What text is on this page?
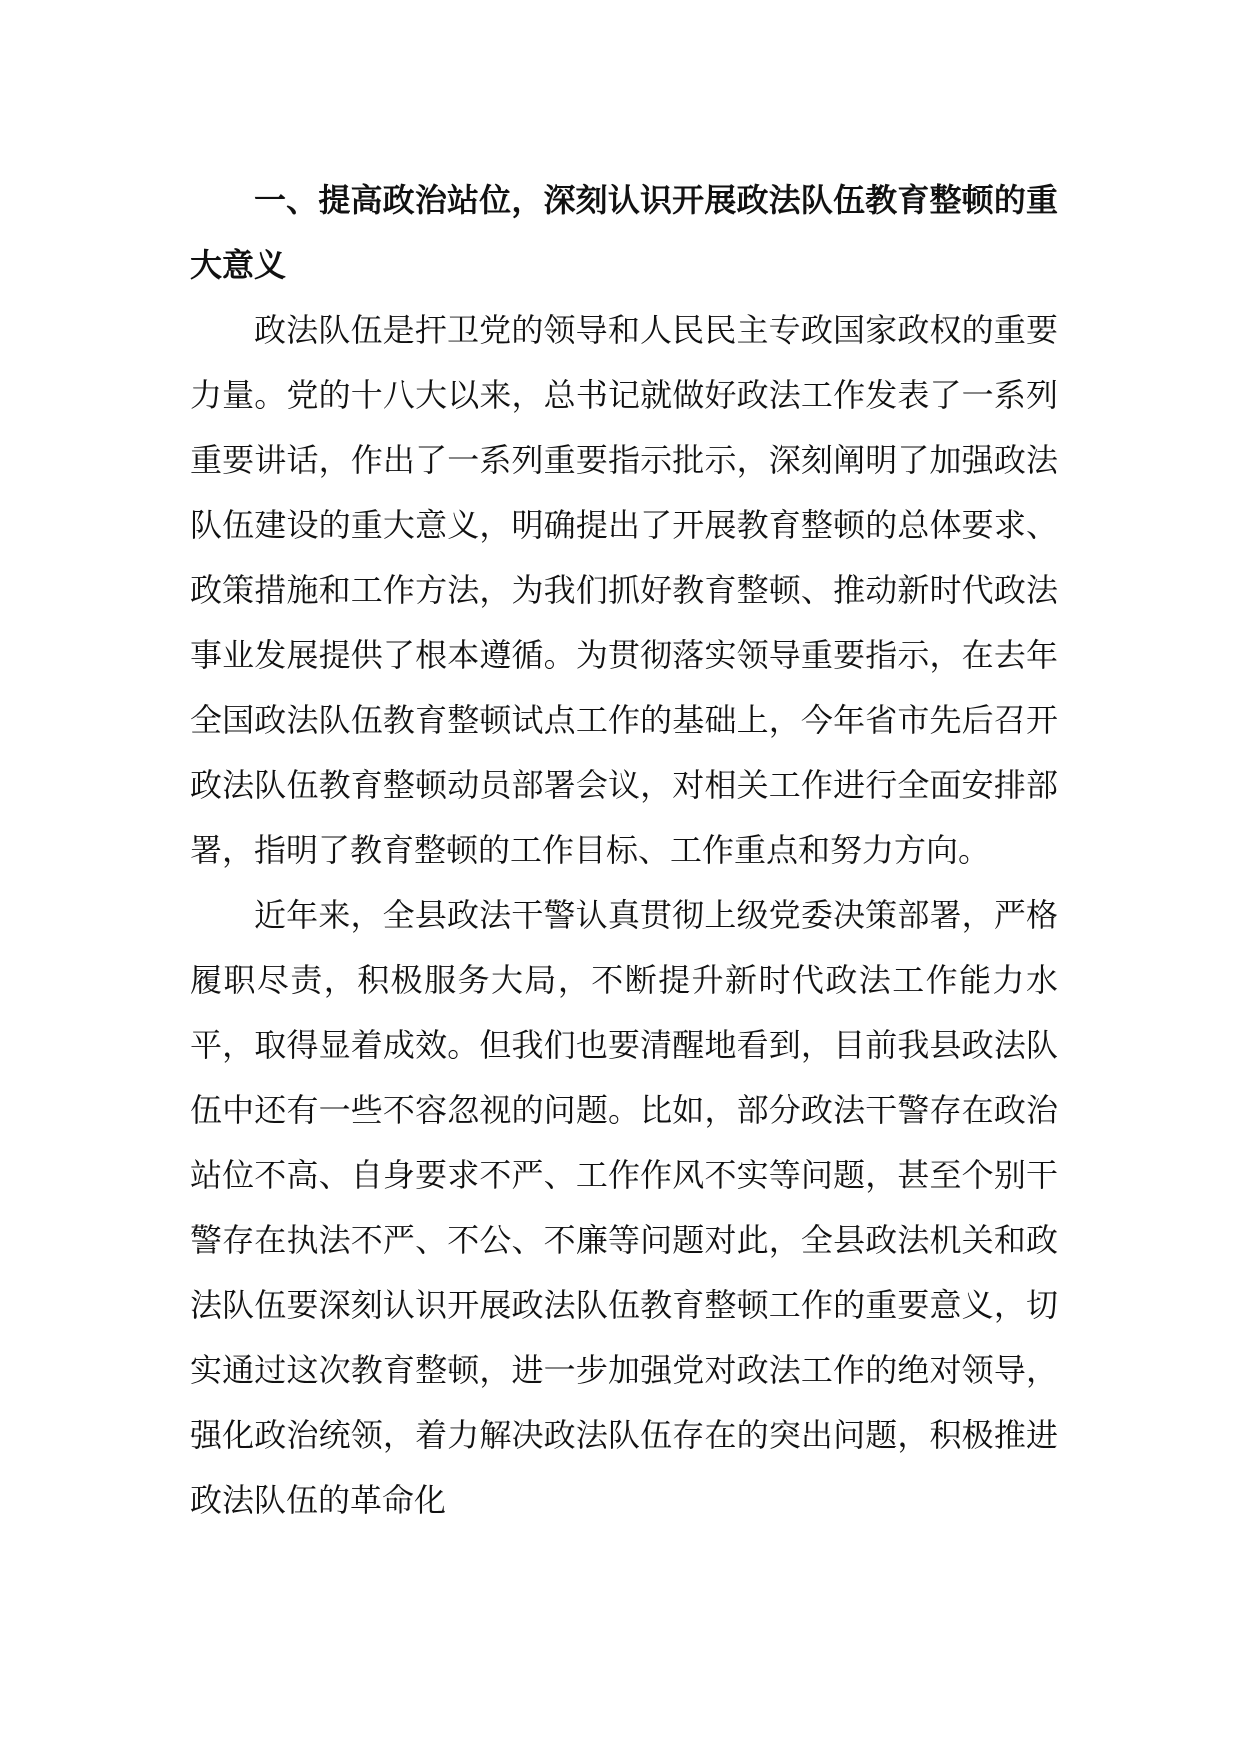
一、提高政治站位，深刻认识开展政法队伍教育整顿的重大意义

政法队伍是扞卫党的领导和人民民主专政国家政权的重要力量。党的十八大以来，总书记就做好政法工作发表了一系列重要讲话，作出了一系列重要指示批示，深刻阐明了加强政法队伍建设的重大意义，明确提出了开展教育整顿的总体要求、政策措施和工作方法，为我们抓好教育整顿、推动新时代政法事业发展提供了根本遵循。为贯彻落实领导重要指示，在去年全国政法队伍教育整顿试点工作的基础上，今年省市先后召开政法队伍教育整顿动员部署会议，对相关工作进行全面安排部署，指明了教育整顿的工作目标、工作重点和努力方向。

近年来，全县政法干警认真贯彻上级党委决策部署，严格履职尽责，积极服务大局，不断提升新时代政法工作能力水平，取得显着成效。但我们也要清醒地看到，目前我县政法队伍中还有一些不容忽视的问题。比如，部分政法干警存在政治站位不高、自身要求不严、工作作风不实等问题，甚至个别干警存在执法不严、不公、不廉等问题对此，全县政法机关和政法队伍要深刻认识开展政法队伍教育整顿工作的重要意义，切实通过这次教育整顿，进一步加强党对政法工作的绝对领导，强化政治统领，着力解决政法队伍存在的突出问题，积极推进政法队伍的革命化
